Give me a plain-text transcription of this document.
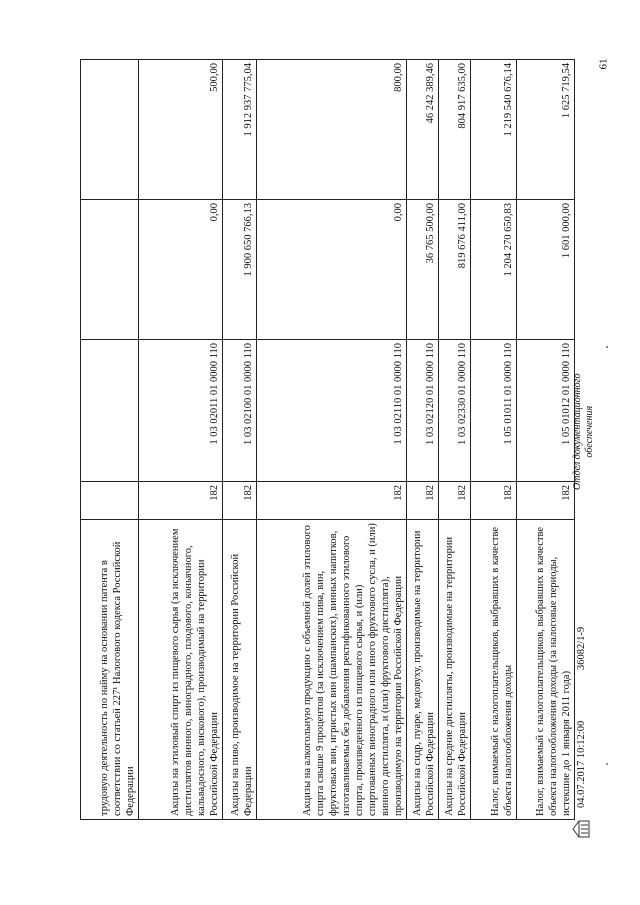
61
трудовую деятельность по найму на основании патента в соответствии со статьей 227¹ Налогового кодекса Российской Федерации				
Акцизы на этиловый спирт из пищевого сырья (за исключением дистиллятов винного, виноградного, плодового, коньячного, кальвадосного, вискового), производимый на территории Российской Федерации	182	1 03 02011 01 0000 110	0,00	500,00
Акцизы на пиво, производимое на территории Российской Федерации	182	1 03 02100 01 0000 110	1 900 650 766,13	1 912 937 775,04
Акцизы на алкогольную продукцию с объемной долей этилового спирта свыше 9 процентов (за исключением пива, вин, фруктовых вин, игристых вин (шампанских), винных напитков, изготавливаемых без добавления ректификованного этилового спирта, произведенного из пищевого сырья, и (или) спиртованных виноградного или иного фруктового сусла, и (или) винного дистиллята, и (или) фруктового дистиллята), производимую на территории Российской Федерации	182	1 03 02110 01 0000 110	0,00	800,00
Акцизы на сидр, пуаре, медовуху, производимые на территории Российской Федерации	182	1 03 02120 01 0000 110	36 765 500,00	46 242 389,46
Акцизы на средние дистилляты, производимые на территории Российской Федерации	182	1 03 02330 01 0000 110	819 676 411,00	804 917 635,00
Налог, взимаемый с налогоплательщиков, выбравших в качестве объекта налогообложения доходы	182	1 05 01011 01 0000 110	1 204 270 650,83	1 219 540 676,14
Налог, взимаемый с налогоплательщиков, выбравших в качестве объекта налогообложения доходы (за налоговые периоды, истекшие до 1 января 2011 года)	182	1 05 01012 01 0000 110	1 601 000,00	1 625 719,54
04.07.2017 10:12:00
36082/1-9
Отдел документационного обеспечения
